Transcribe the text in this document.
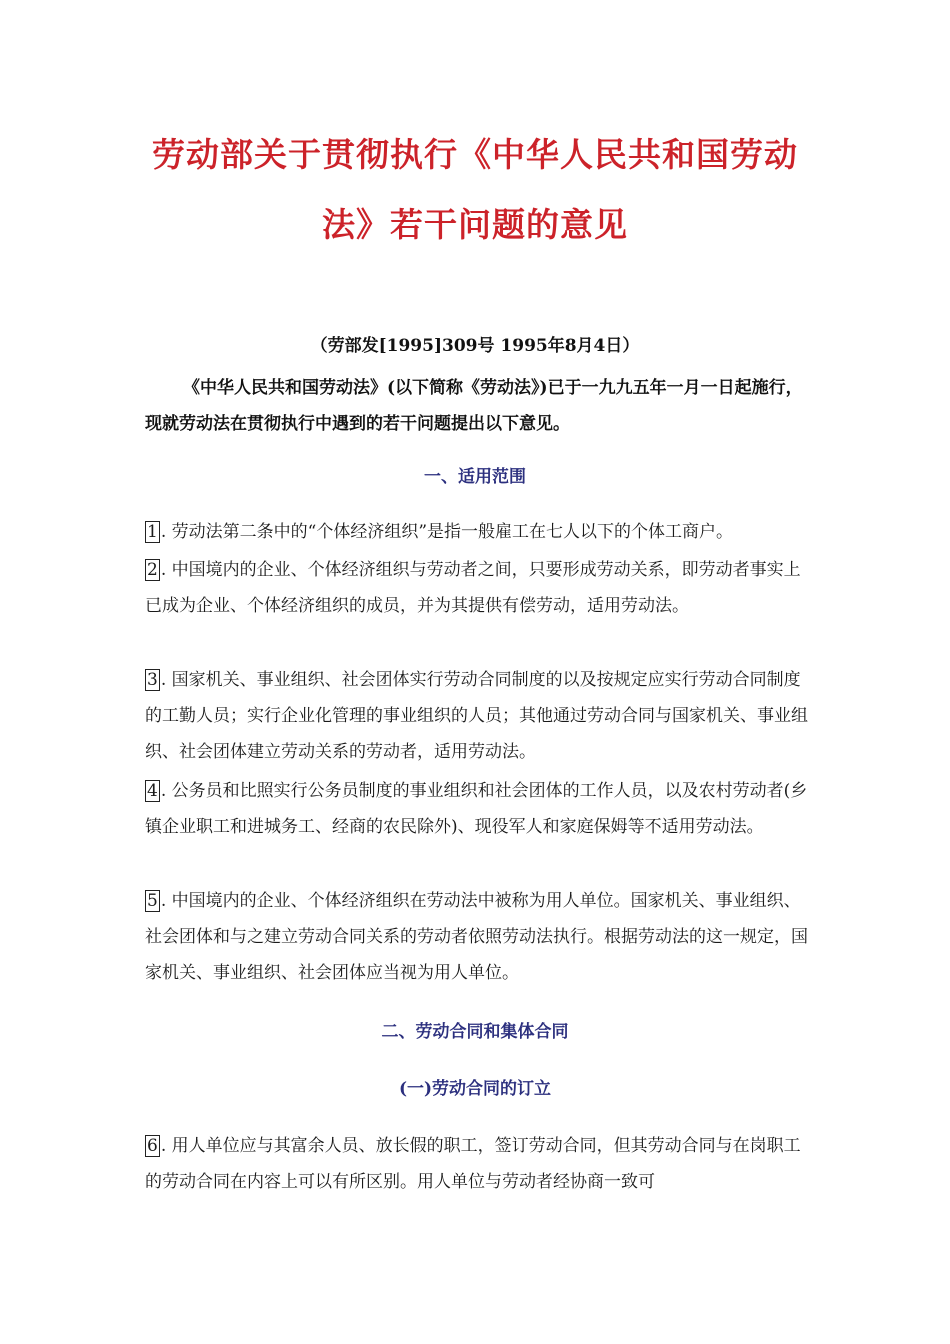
劳动部关于贯彻执行《中华人民共和国劳动
法》若干问题的意见
（劳部发[1995]309号 1995年8月4日）
《中华人民共和国劳动法》(以下简称《劳动法》)已于一九九五年一月一日起施行，现就劳动法在贯彻执行中遇到的若干问题提出以下意见。
一、适用范围
1 . 劳动法第二条中的“个体经济组织”是指一般雇工在七人以下的个体工商户。
2 . 中国境内的企业、个体经济组织与劳动者之间，只要形成劳动关系，即劳动者事实上已成为企业、个体经济组织的成员，并为其提供有偿劳动，适用劳动法。
3 . 国家机关、事业组织、社会团体实行劳动合同制度的以及按规定应实行劳动合同制度的工勤人员；实行企业化管理的事业组织的人员；其他通过劳动合同与国家机关、事业组织、社会团体建立劳动关系的劳动者，适用劳动法。
4 . 公务员和比照实行公务员制度的事业组织和社会团体的工作人员，以及农村劳动者(乡镇企业职工和进城务工、经商的农民除外)、现役军人和家庭保姆等不适用劳动法。
5 . 中国境内的企业、个体经济组织在劳动法中被称为用人单位。国家机关、事业组织、社会团体和与之建立劳动合同关系的劳动者依照劳动法执行。根据劳动法的这一规定，国家机关、事业组织、社会团体应当视为用人单位。
二、劳动合同和集体合同
(一)劳动合同的订立
6 . 用人单位应与其富余人员、放长假的职工，签订劳动合同，但其劳动合同与在岗职工的劳动合同在内容上可以有所区别。用人单位与劳动者经协商一致可
